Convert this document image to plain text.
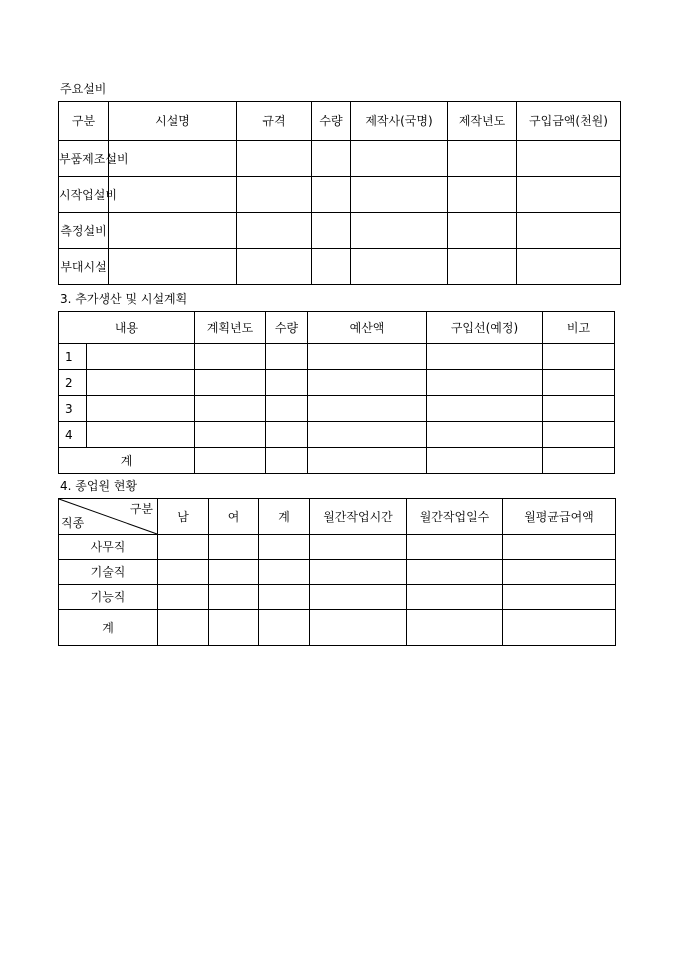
주요설비
구분	시설명	규격	수량	제작사(국명)	제작년도	구입금액(천원)
부품제조설비						
시작업설비						
측정설비						
부대시설						
3. 추가생산 및 시설계획
내용		계획년도	수량	예산액	구입선(예정)	비고
1						
2						
3						
4						
계						
4. 종업원 현황
구분
직종	남	여	계	월간작업시간	월간작업일수	월평균급여액
사무직						
기술직						
기능직						
계						
